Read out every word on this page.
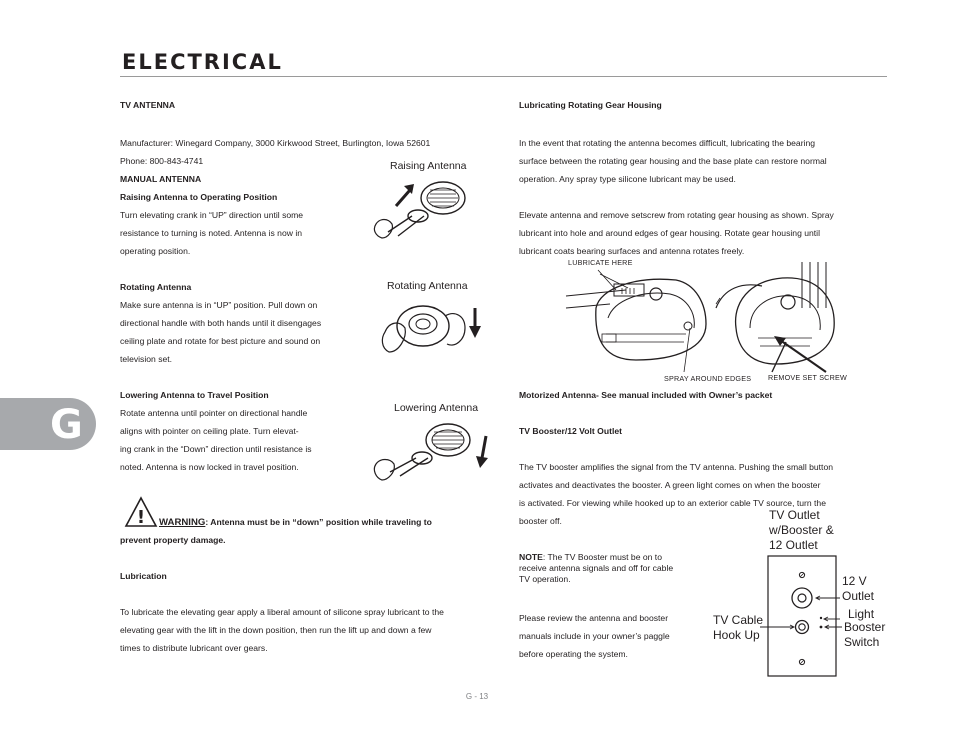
ELECTRICAL
G
TV ANTENNA
Manufacturer: Winegard Company, 3000 Kirkwood Street, Burlington, Iowa 52601
Phone: 800-843-4741
MANUAL ANTENNA
Raising Antenna to Operating Position
Turn elevating crank in “UP” direction until some
resistance to turning is noted. Antenna is now in
operating position.
Raising Antenna
Rotating Antenna
Make sure antenna is in “UP” position. Pull down on
directional handle with both hands until it disengages
ceiling plate and rotate for best picture and sound on
television set.
Rotating Antenna
Lowering Antenna to Travel Position
Rotate antenna until pointer on directional handle
aligns with pointer on ceiling plate. Turn elevat-
ing crank in the “Down” direction until resistance is
noted. Antenna is now locked in travel position.
Lowering Antenna
! WARNING: Antenna must be in “down” position while traveling to
prevent property damage.
Lubrication
To lubricate the elevating gear apply a liberal amount of silicone spray lubricant to the
elevating gear with the lift in the down position, then run the lift up and down a few
times to distribute lubricant over gears.
Lubricating Rotating Gear Housing
In the event that rotating the antenna becomes difficult, lubricating the bearing
surface between the rotating gear housing and the base plate can restore normal
operation. Any spray type silicone lubricant may be used.
Elevate antenna and remove setscrew from rotating gear housing as shown. Spray
lubricant into hole and around edges of gear housing. Rotate gear housing until
lubricant coats bearing surfaces and antenna rotates freely.
LUBRICATE HERE
SPRAY AROUND EDGES REMOVE SET SCREW
Motorized Antenna- See manual included with Owner’s packet
TV Booster/12 Volt Outlet
The TV booster amplifies the signal from the TV antenna. Pushing the small button
activates and deactivates the booster. A green light comes on when the booster
is activated. For viewing while hooked up to an exterior cable TV source, turn the
booster off.
NOTE: The TV Booster must be on to
receive antenna signals and off for cable
TV operation.
Please review the antenna and booster
manuals include in your owner’s paggle
before operating the system.
TV Outlet
w/Booster &
12 Outlet
12 V
Outlet
Light
Booster
Switch
TV Cable
Hook Up
G - 13
